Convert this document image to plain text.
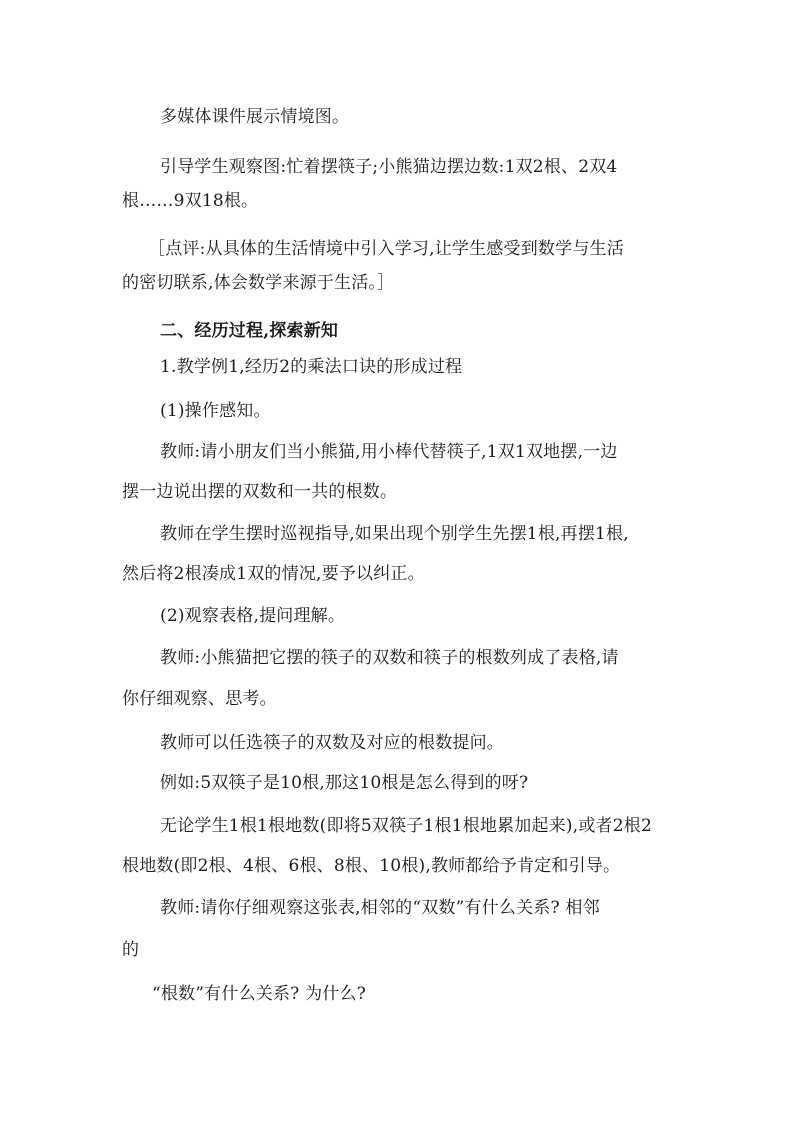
多媒体课件展示情境图。
引导学生观察图:忙着摆筷子;小熊猫边摆边数:1双2根、2双4
根……9双18根。
［点评:从具体的生活情境中引入学习,让学生感受到数学与生活
的密切联系,体会数学来源于生活。］
二、经历过程,探索新知
1.教学例1,经历2的乘法口诀的形成过程
(1)操作感知。
教师:请小朋友们当小熊猫,用小棒代替筷子,1双1双地摆,一边
摆一边说出摆的双数和一共的根数。
教师在学生摆时巡视指导,如果出现个别学生先摆1根,再摆1根,
然后将2根凑成1双的情况,要予以纠正。
(2)观察表格,提问理解。
教师:小熊猫把它摆的筷子的双数和筷子的根数列成了表格,请
你仔细观察、思考。
教师可以任选筷子的双数及对应的根数提问。
例如:5双筷子是10根,那这10根是怎么得到的呀?
无论学生1根1根地数(即将5双筷子1根1根地累加起来),或者2根2
根地数(即2根、4根、6根、8根、10根),教师都给予肯定和引导。
教师:请你仔细观察这张表,相邻的“双数”有什么关系? 相邻
的
“根数”有什么关系? 为什么?
